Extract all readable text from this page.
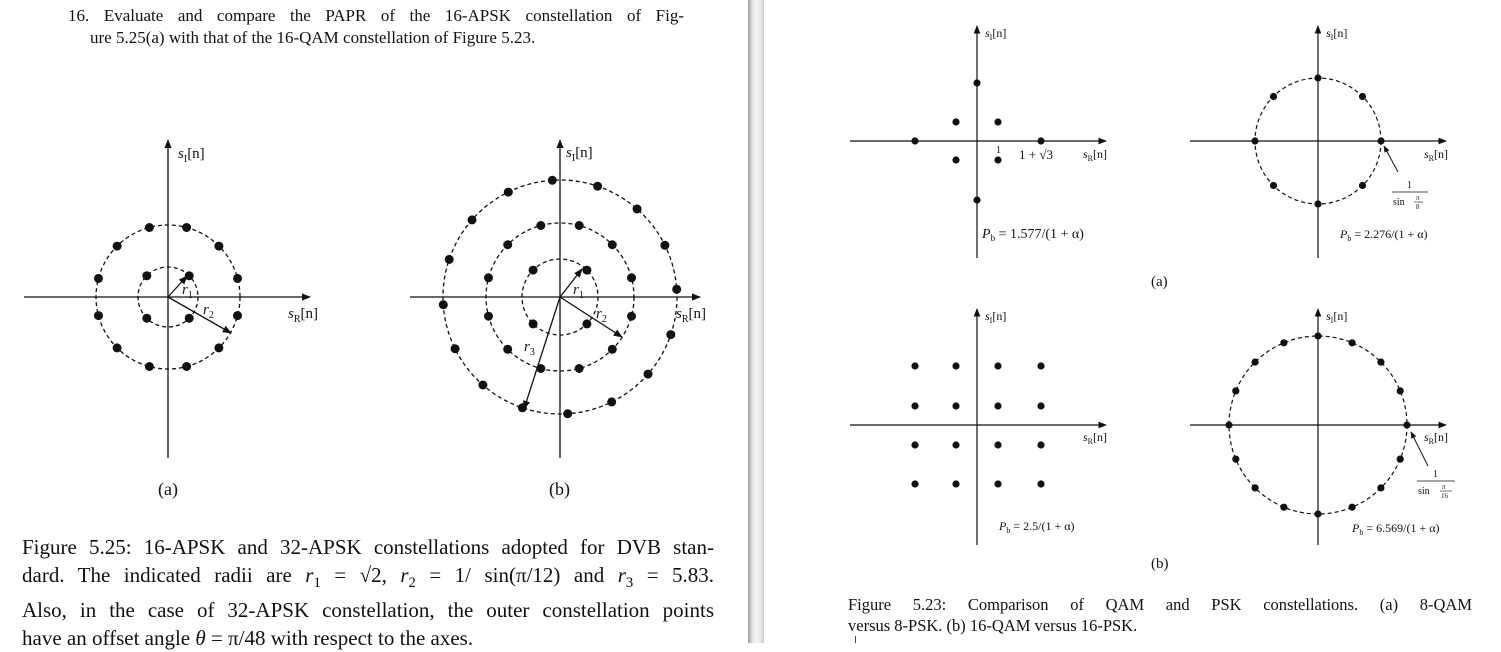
16. Evaluate and compare the PAPR of the 16-APSK constellation of Fig-
ure 5.25(a) with that of the 16-QAM constellation of Figure 5.23.
$s_I[n]$
$s_R[n]$
$r_1$
$r_2$
(a)
$s_I[n]$
$s_R[n]$
$r_1$
$r_2$
$r_3$
(b)
Figure 5.25: 16-APSK and 32-APSK constellations adopted for DVB stan-
dard. The indicated radii are $r_1 = √2$, $r_2 = 1/$ sin(π/12) and $r_3 = 5.83$.
Also, in the case of 32-APSK constellation, the outer constellation points
have an offset angle θ = π/48 with respect to the axes.
$s_I[n]$
$s_R[n]$
1 1 + √3
$P_b = 1.577/(1 + \alpha)$
$s_I[n]$
$s_R[n]$
1
sin π
8
$P_b = 2.276/(1 + \alpha)$
(a)
$s_I[n]$
$s_R[n]$
$P_b = 2.5/(1 + \alpha)$
$s_I[n]$
$s_R[n]$
1
sin π
16
$P_b = 6.569/(1 + \alpha)$
(b)
Figure 5.23: Comparison of QAM and PSK constellations. (a) 8-QAM
versus 8-PSK. (b) 16-QAM versus 16-PSK.
